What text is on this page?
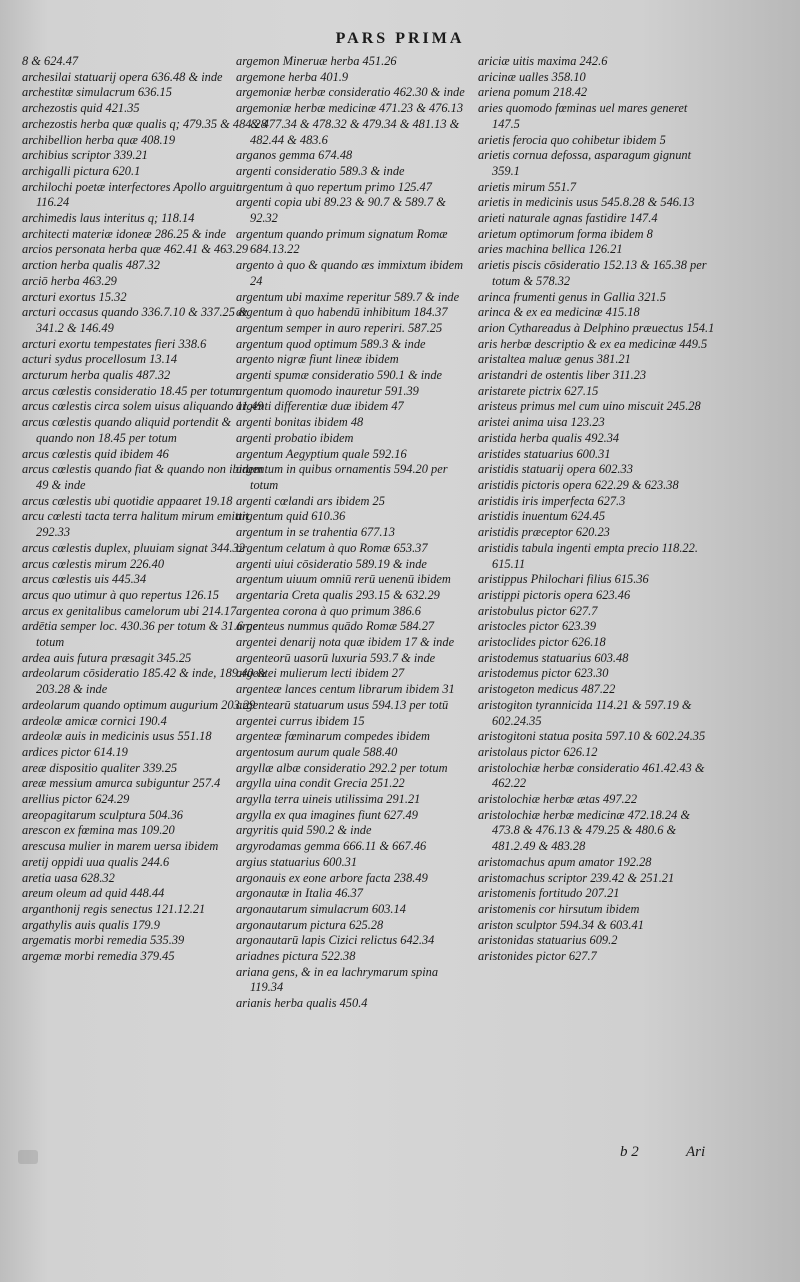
PARS PRIMA

8 & 624.47

archesilai statuarij opera 636.48 & inde

archestitæ simulacrum 636.15

archezostis quid 421.35

archezostis herba quæ qualis q; 479.35 & 484.28

archibellion herba quæ 408.19

archibius scriptor 339.21

archigalli pictura 620.1

archilochi poetæ interfectores Apollo arguit 116.24

archimedis laus interitus q; 118.14

architecti materiæ idoneæ 286.25 & inde

arcios personata herba quæ 462.41 & 463.29

arction herba qualis 487.32

arciō herba 463.29

arcturi exortus 15.32

arcturi occasus quando 336.7.10 & 337.25 & 341.2 & 146.49

arcturi exortu tempestates fieri 338.6

acturi sydus procellosum 13.14

arcturum herba qualis 487.32

arcus cœlestis consideratio 18.45 per totum

arcus cœlestis circa solem uisus aliquando 11.49

arcus cœlestis quando aliquid portendit & quando non 18.45 per totum

arcus cœlestis quid ibidem 46

arcus cœlestis quando fiat & quando non ibidem 49 & inde

arcus cœlestis ubi quotidie appaaret 19.18

arcu cœlesti tacta terra halitum mirum emittit 292.33

arcus cœlestis duplex, pluuiam signat 344.32

arcus cœlestis mirum 226.40

arcus cœlestis uis 445.34

arcus quo utimur à quo repertus 126.15

arcus ex genitalibus camelorum ubi 214.17

ardētia semper loc. 430.36 per totum & 31.6 per totum

ardea auis futura præsagit 345.25

ardeolarum cōsideratio 185.42 & inde, 189.40 & 203.28 & inde

ardeolarum quando optimum augurium 203.29

ardeolæ amicæ cornici 190.4

ardeolæ auis in medicinis usus 551.18

ardices pictor 614.19

areæ dispositio qualiter 339.25

areæ messium amurca subiguntur 257.4

arellius pictor 624.29

areopagitarum sculptura 504.36

arescon ex fœmina mas 109.20

arescusa mulier in marem uersa ibidem

aretij oppidi uua qualis 244.6

aretia uasa 628.32

areum oleum ad quid 448.44

arganthonij regis senectus 121.12.21

argathylis auis qualis 179.9

argematis morbi remedia 535.39

argemæ morbi remedia 379.45

argemon Mineruæ herba 451.26

argemone herba 401.9

argemoniæ herbæ consideratio 462.30 & inde

argemoniæ herbæ medicinæ 471.23 & 476.13 & 477.34 & 478.32 & 479.34 & 481.13 & 482.44 & 483.6

arganos gemma 674.48

argenti consideratio 589.3 & inde

argentum à quo repertum primo 125.47

argenti copia ubi 89.23 & 90.7 & 589.7 & 92.32

argentum quando primum signatum Romæ 684.13.22

argento à quo & quando æs immixtum ibidem 24

argentum ubi maxime reperitur 589.7 & inde

argentum à quo habendū inhibitum 184.37

argentum semper in auro reperiri. 587.25

argentum quod optimum 589.3 & inde

argento nigræ fiunt lineæ ibidem

argenti spumæ consideratio 590.1 & inde

argentum quomodo inauretur 591.39

argenti differentiæ duæ ibidem 47

argenti bonitas ibidem 48

argenti probatio ibidem

argentum Aegyptium quale 592.16

argentum in quibus ornamentis 594.20 per totum

argenti cœlandi ars ibidem 25

argentum quid 610.36

argentum in se trahentia 677.13

argentum celatum à quo Romæ 653.37

argenti uiui cōsideratio 589.19 & inde

argentum uiuum omniū rerū uenenū ibidem

argentaria Creta qualis 293.15 & 632.29

argentea corona à quo primum 386.6

argenteus nummus quādo Romæ 584.27

argentei denarij nota quæ ibidem 17 & inde

argenteorū uasorū luxuria 593.7 & inde

argentei mulierum lecti ibidem 27

argenteæ lances centum librarum ibidem 31

argentearū statuarum usus 594.13 per totū

argentei currus ibidem 15

argenteæ fœminarum compedes ibidem

argentosum aurum quale 588.40

argyllæ albæ consideratio 292.2 per totum

argylla uina condit Grecia 251.22

argylla terra uineis utilissima 291.21

argylla ex qua imagines fiunt 627.49

argyritis quid 590.2 & inde

argyrodamas gemma 666.11 & 667.46

argius statuarius 600.31

argonauis ex eone arbore facta 238.49

argonautæ in Italia 46.37

argonautarum simulacrum 603.14

argonautarum pictura 625.28

argonautarū lapis Cizici relictus 642.34

ariadnes pictura 522.38

ariana gens, & in ea lachrymarum spina 119.34

arianis herba qualis 450.4

ariciæ uitis maxima 242.6

aricinæ ualles 358.10

ariena pomum 218.42

aries quomodo fœminas uel mares generet 147.5

arietis ferocia quo cohibetur ibidem 5

arietis cornua defossa, asparagum gignunt 359.1

arietis mirum 551.7

arietis in medicinis usus 545.8.28 & 546.13

arieti naturale agnas fastidire 147.4

arietum optimorum forma ibidem 8

aries machina bellica 126.21

arietis piscis cōsideratio 152.13 & 165.38 per totum & 578.32

arinca frumenti genus in Gallia 321.5

arinca & ex ea medicinæ 415.18

arion Cythareadus à Delphino præuectus 154.1

aris herbæ descriptio & ex ea medicinæ 449.5

aristaltea maluæ genus 381.21

aristandri de ostentis liber 311.23

aristarete pictrix 627.15

aristeus primus mel cum uino miscuit 245.28

aristei anima uisa 123.23

aristida herba qualis 492.34

aristides statuarius 600.31

aristidis statuarij opera 602.33

aristidis pictoris opera 622.29 & 623.38

aristidis iris imperfecta 627.3

aristidis inuentum 624.45

aristidis præceptor 620.23

aristidis tabula ingenti empta precio 118.22. 615.11

aristippus Philochari filius 615.36

aristippi pictoris opera 623.46

aristobulus pictor 627.7

aristocles pictor 623.39

aristoclides pictor 626.18

aristodemus statuarius 603.48

aristodemus pictor 623.30

aristogeton medicus 487.22

aristogiton tyrannicida 114.21 & 597.19 & 602.24.35

aristogitoni statua posita 597.10 & 602.24.35

aristolaus pictor 626.12

aristolochiæ herbæ consideratio 461.42.43 & 462.22

aristolochiæ herbæ ætas 497.22

aristolochiæ herbæ medicinæ 472.18.24 & 473.8 & 476.13 & 479.25 & 480.6 & 481.2.49 & 483.28

aristomachus apum amator 192.28

aristomachus scriptor 239.42 & 251.21

aristomenis fortitudo 207.21

aristomenis cor hirsutum ibidem

ariston sculptor 594.34 & 603.41

aristonidas statuarius 609.2

aristonides pictor 627.7

b 2	Ari
